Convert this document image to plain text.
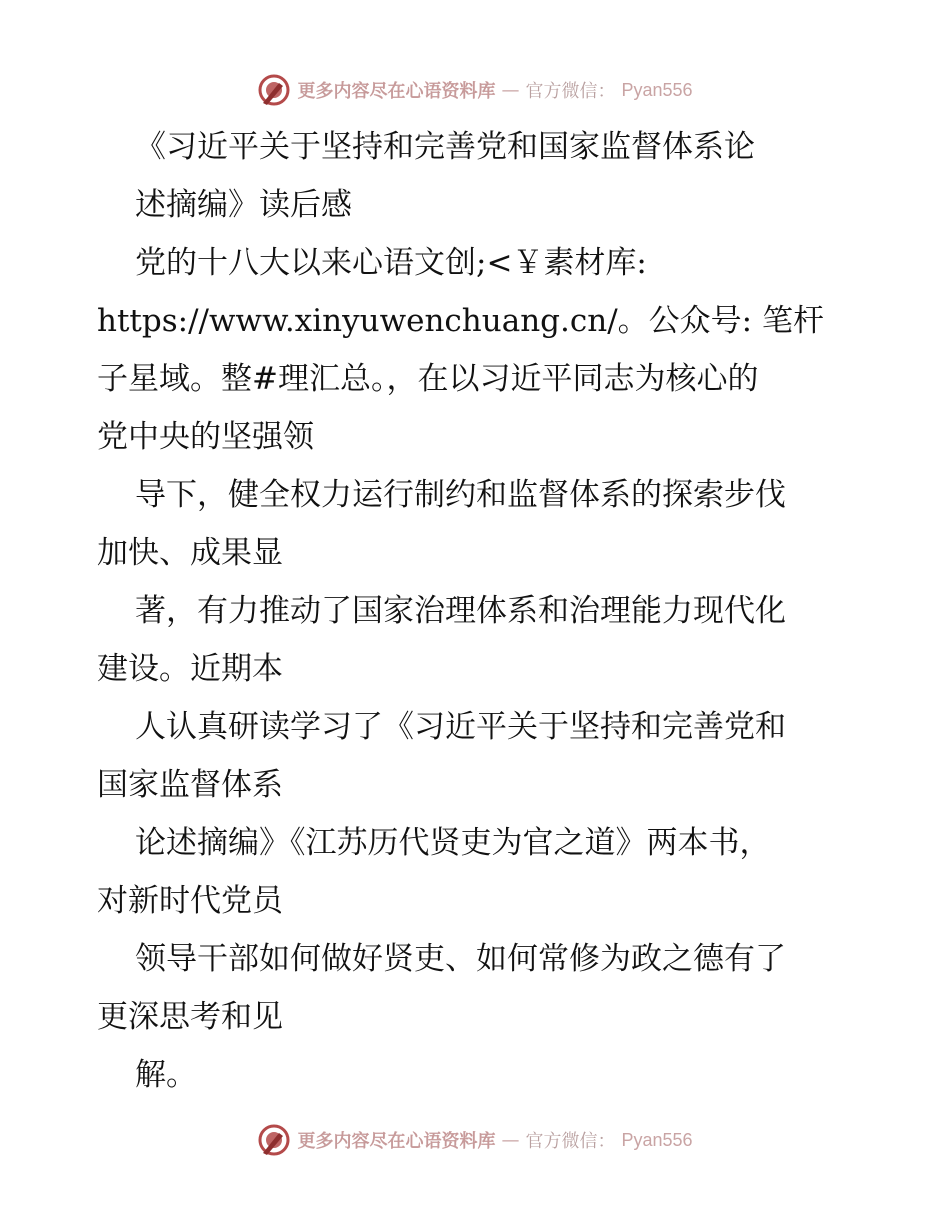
更多内容尽在心语资料库 — 官方微信： Pyan556
《习近平关于坚持和完善党和国家监督体系论
述摘编》读后感
党的十八大以来心语文创;<￥素材库:
https://www.xinyuwenchuang.cn/。公众号: 笔杆
子星域。整#理汇总。，在以习近平同志为核心的
党中央的坚强领
导下，健全权力运行制约和监督体系的探索步伐
加快、成果显
著，有力推动了国家治理体系和治理能力现代化
建设。近期本
人认真研读学习了《习近平关于坚持和完善党和
国家监督体系
论述摘编》《江苏历代贤吏为官之道》两本书，
对新时代党员
领导干部如何做好贤吏、如何常修为政之德有了
更深思考和见
解。
更多内容尽在心语资料库 — 官方微信： Pyan556
